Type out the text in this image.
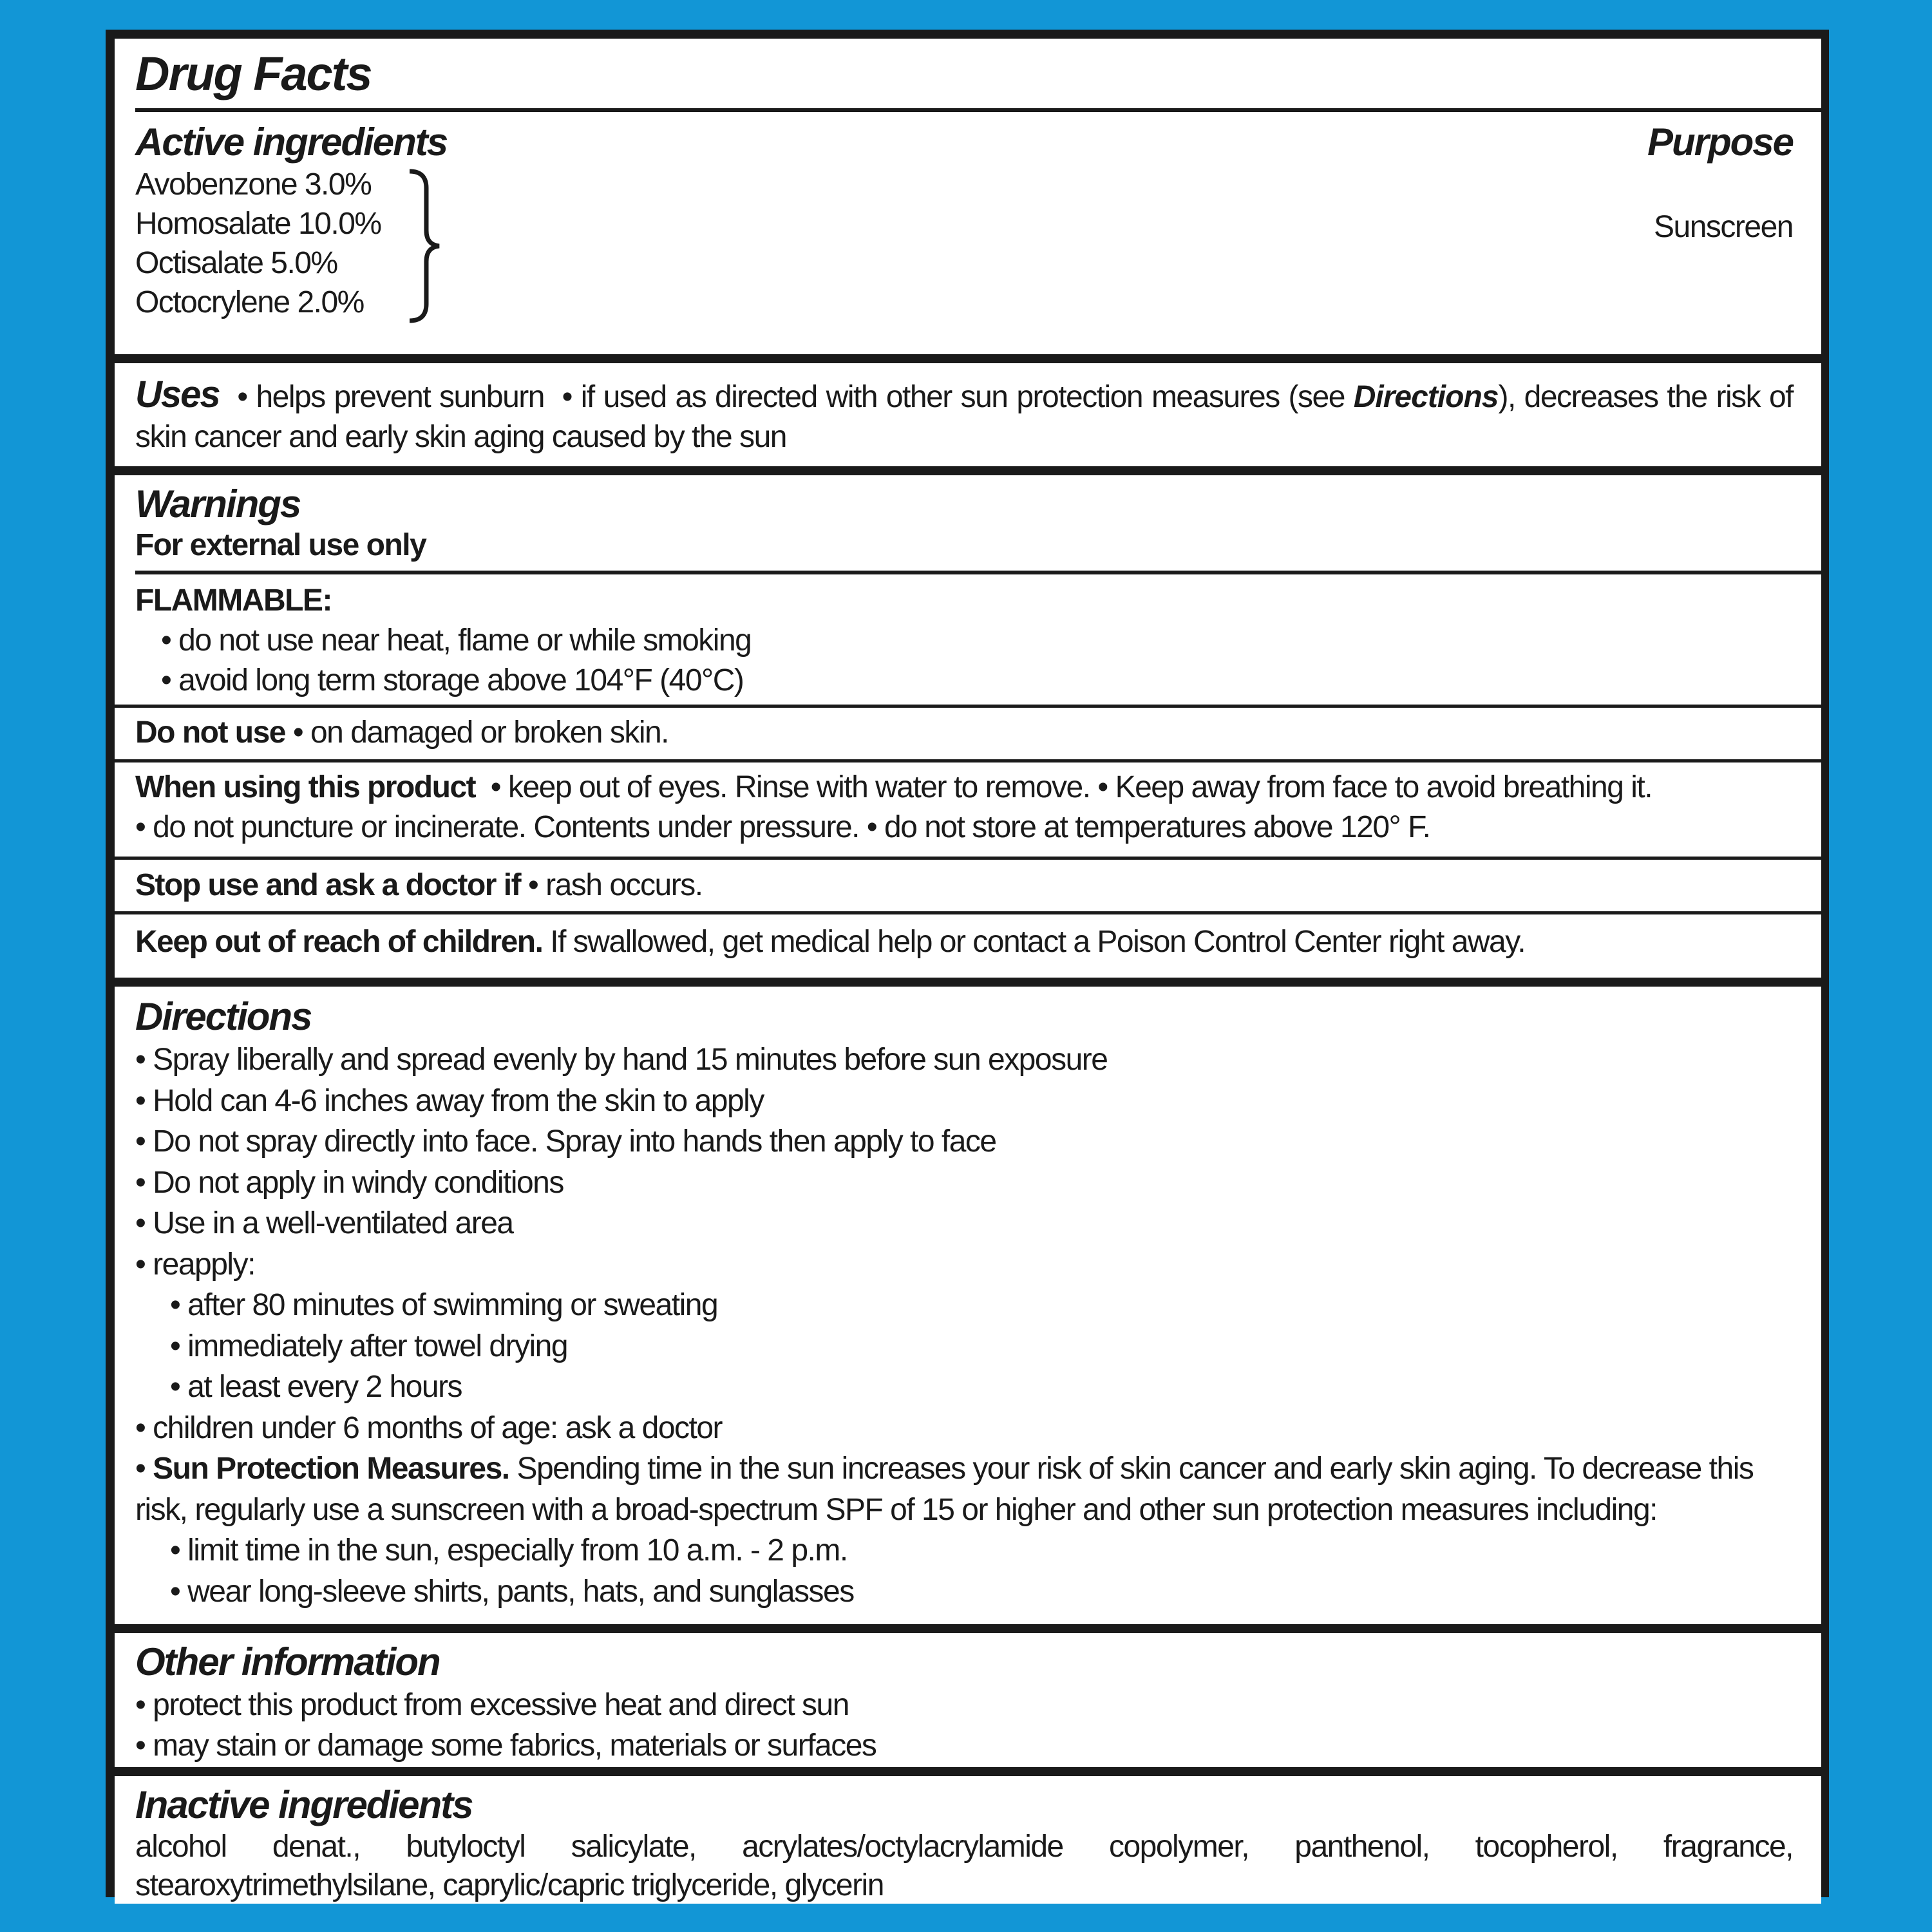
Drug Facts
Active ingredients	Purpose
Avobenzone 3.0%
Homosalate 10.0%
Octisalate 5.0%
Octocrylene 2.0%
Sunscreen
Uses  • helps prevent sunburn  • if used as directed with other sun protection measures (see Directions), decreases the risk of skin cancer and early skin aging caused by the sun
Warnings
For external use only
FLAMMABLE:
• do not use near heat, flame or while smoking
• avoid long term storage above 104°F (40°C)
Do not use • on damaged or broken skin.
When using this product  • keep out of eyes. Rinse with water to remove. • Keep away from face to avoid breathing it.
• do not puncture or incinerate. Contents under pressure. • do not store at temperatures above 120° F.
Stop use and ask a doctor if • rash occurs.
Keep out of reach of children. If swallowed, get medical help or contact a Poison Control Center right away.
Directions
• Spray liberally and spread evenly by hand 15 minutes before sun exposure
• Hold can 4-6 inches away from the skin to apply
• Do not spray directly into face. Spray into hands then apply to face
• Do not apply in windy conditions
• Use in a well-ventilated area
• reapply:
• after 80 minutes of swimming or sweating
• immediately after towel drying
• at least every 2 hours
• children under 6 months of age: ask a doctor
• Sun Protection Measures. Spending time in the sun increases your risk of skin cancer and early skin aging. To decrease this risk, regularly use a sunscreen with a broad-spectrum SPF of 15 or higher and other sun protection measures including:
• limit time in the sun, especially from 10 a.m. - 2 p.m.
• wear long-sleeve shirts, pants, hats, and sunglasses
Other information
• protect this product from excessive heat and direct sun
• may stain or damage some fabrics, materials or surfaces
Inactive ingredients
alcohol denat., butyloctyl salicylate, acrylates/octylacrylamide copolymer, panthenol, tocopherol, fragrance, stearoxytrimethylsilane, caprylic/capric triglyceride, glycerin
